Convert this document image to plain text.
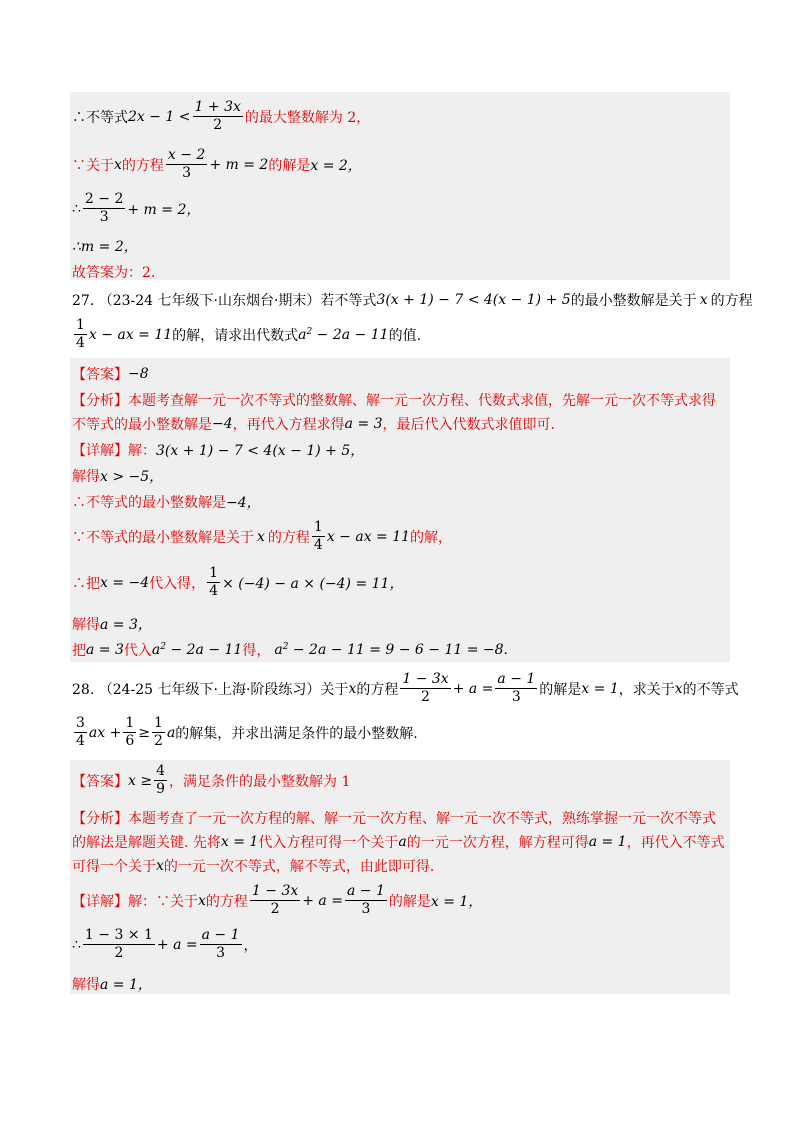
∴不等式 $2x - 1 < \frac{1 + 3x}{2}$ 的最大整数解为 2，
∵关于 x 的方程 $\frac{x - 2}{3} + m = 2$ 的解是 x = 2，
∴ $\frac{2 - 2}{3} + m = 2$，
∴m = 2，
故答案为：2.
27. （23-24 七年级下·山东烟台·期末）若不等式 3(x + 1) − 7 < 4(x − 1) + 5 的最小整数解是关于 x 的方程
$\frac{1}{4}$ x − ax = 11 的解，请求出代数式 $a^2 - 2a - 11$ 的值.
【答案】 −8
【分析】 本题考查解一元一次不等式的整数解、解一元一次方程、代数式求值，先解一元一次不等式求得
不等式的最小整数解是 −4 ，再代入方程求得 a = 3 ，最后代入代数式求值即可.
【详解】 解： 3(x + 1) − 7 < 4(x − 1) + 5，
解得 x > −5，
∴不等式的最小整数解是 −4，
∵不等式的最小整数解是关于 x 的方程 $\frac{1}{4}$ x − ax = 11 的解，
∴把 x = −4 代入得， $\frac{1}{4} \times (-4) - a \times (-4) = 11$，
解得 a = 3，
把 a = 3 代入 $a^2 - 2a - 11$ 得， $a^2 - 2a - 11 = 9 - 6 - 11 = -8$.
28. （24-25 七年级下·上海·阶段练习）关于 x 的方程 $\frac{1 - 3x}{2} + a = \frac{a - 1}{3}$ 的解是 x = 1 ，求关于 x 的不等式
$\frac{3}{4}$ ax + $\frac{1}{6} \ge \frac{1}{2}$ a 的解集，并求出满足条件的最小整数解.
【答案】 $x \ge \frac{4}{9}$ ，满足条件的最小整数解为 1
【分析】 本题考查了一元一次方程的解、解一元一次方程、解一元一次不等式，熟练掌握一元一次不等式
的解法是解题关键. 先将 x = 1 代入方程可得一个关于 a 的一元一次方程，解方程可得 a = 1 ，再代入不等式
可得一个关于 x 的一元一次不等式，解不等式，由此即可得.
【详解】 解：∵关于 x 的方程 $\frac{1 - 3x}{2} + a = \frac{a - 1}{3}$ 的解是 x = 1，
∴ $\frac{1 - 3 \times 1}{2} + a = \frac{a - 1}{3}$ ，
解得 a = 1，
